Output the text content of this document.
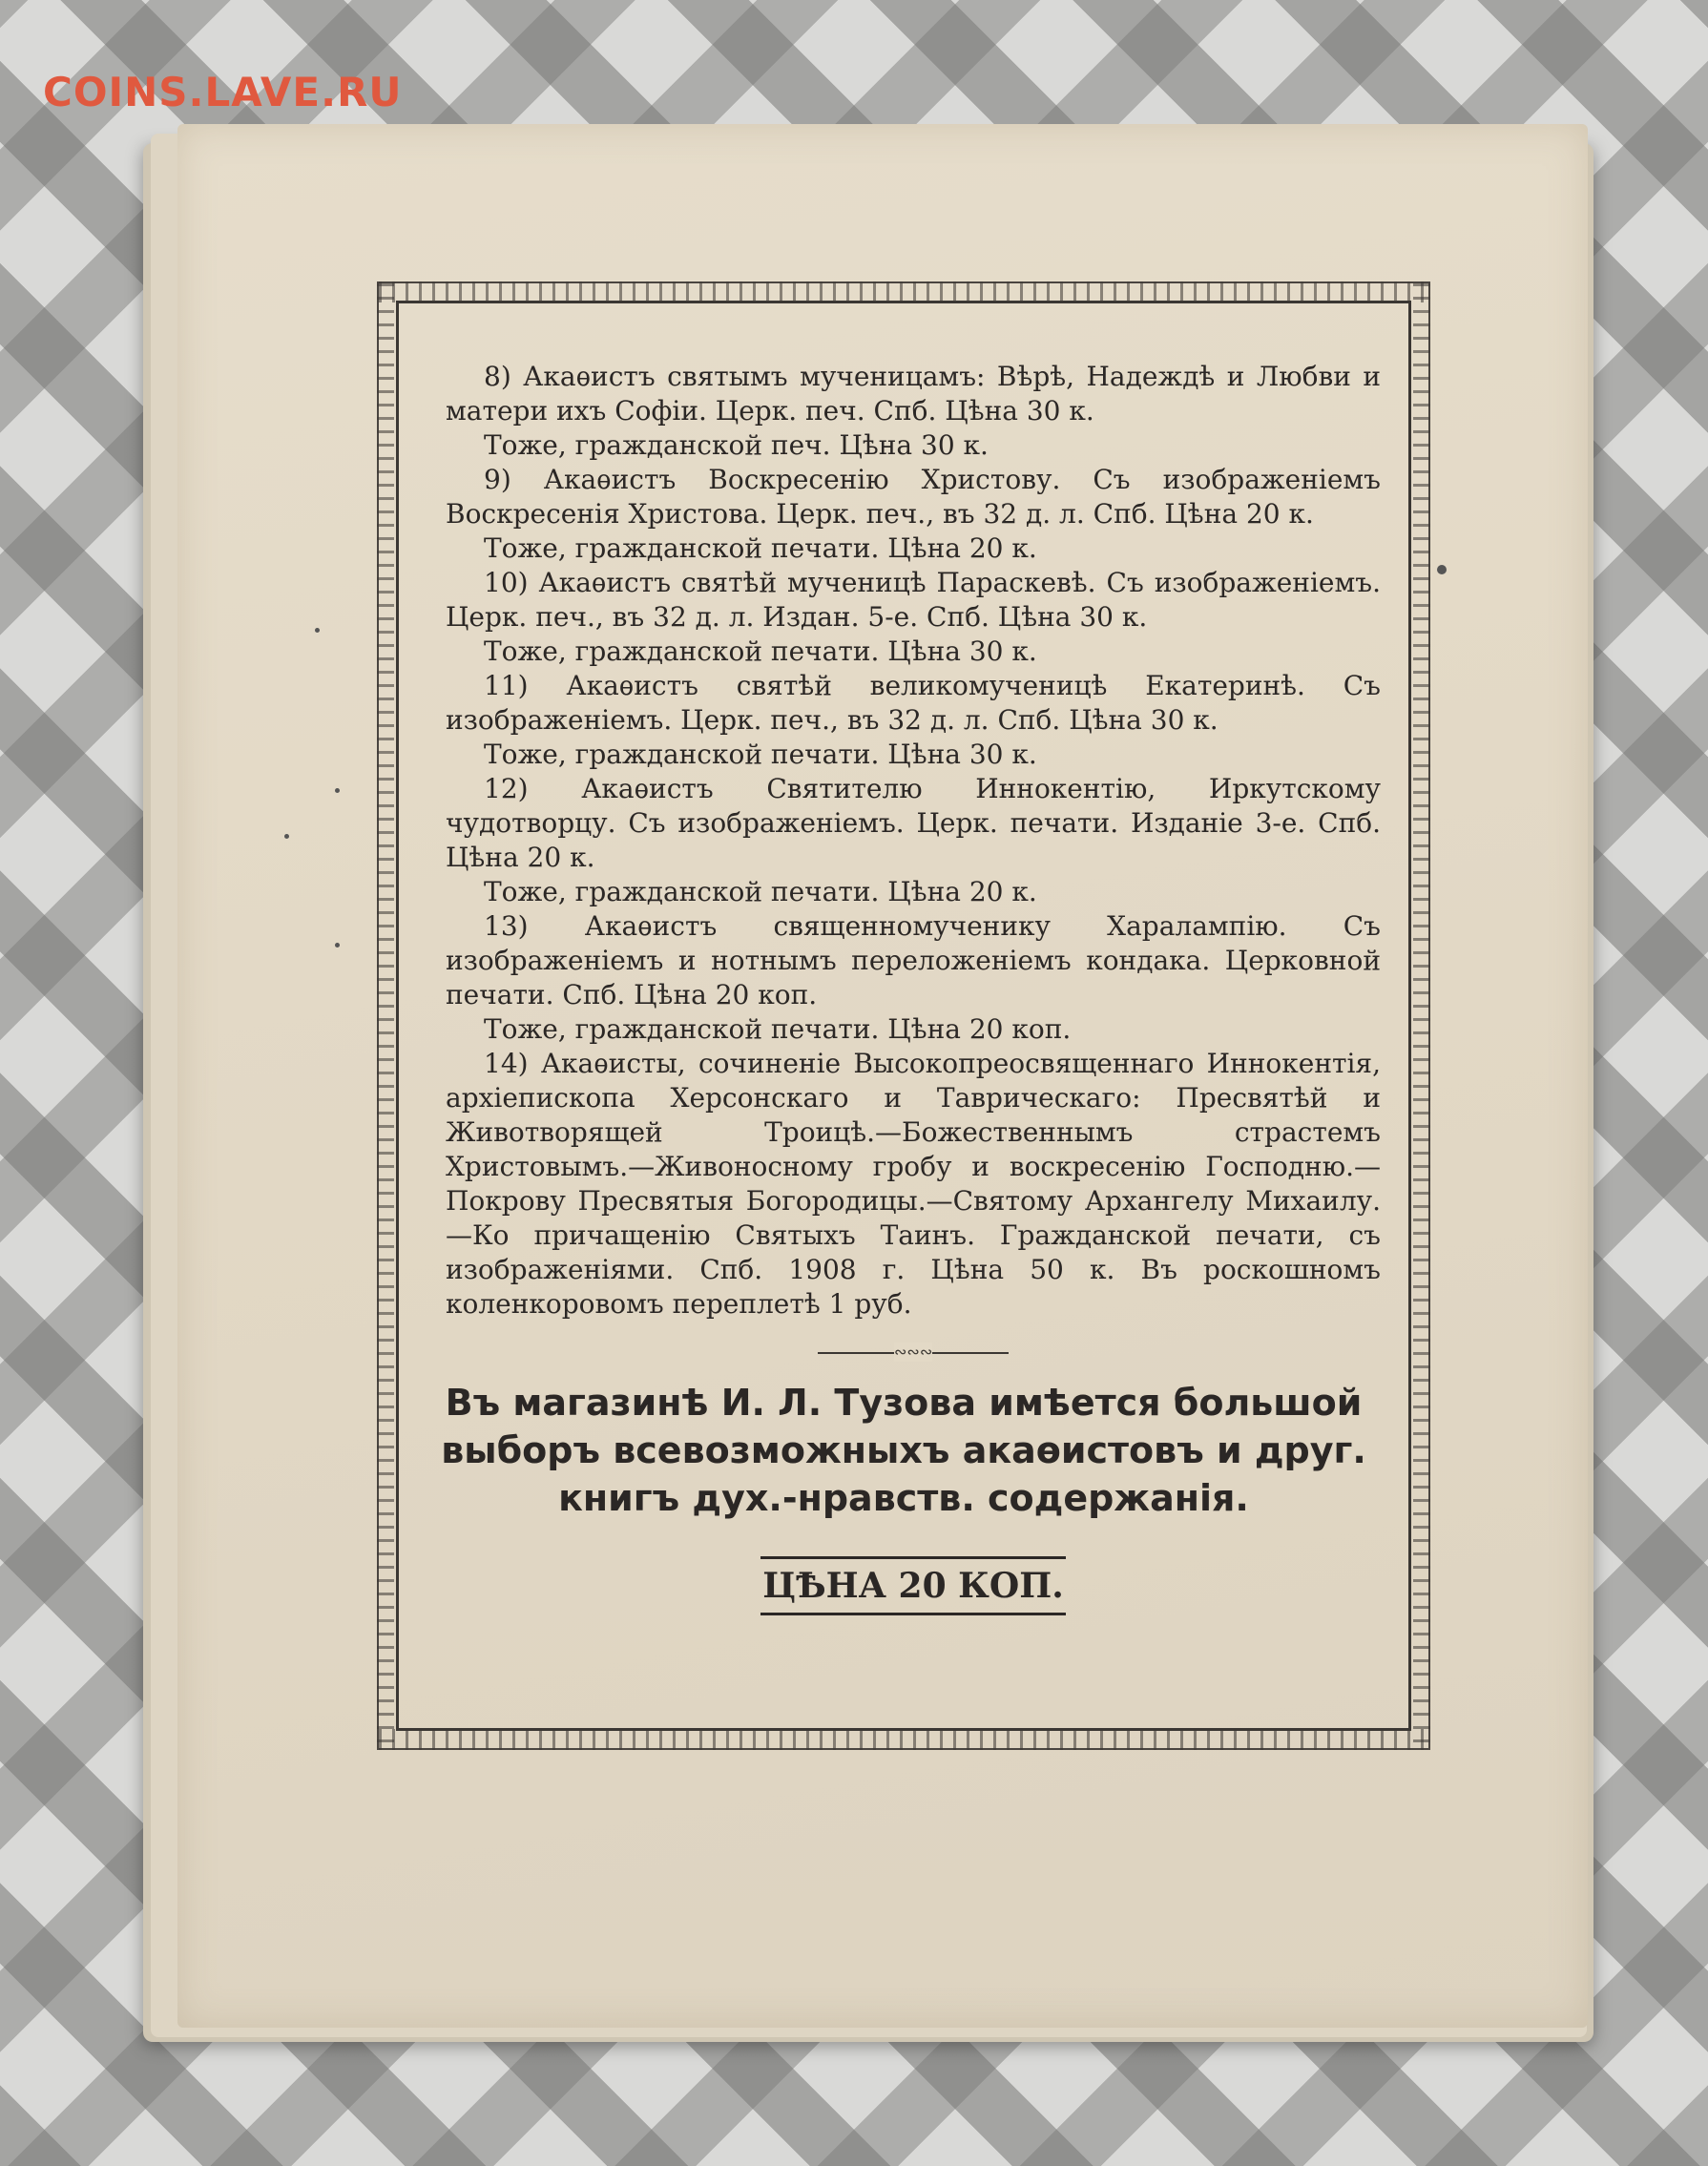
COINS.LAVE.RU

8) Акаѳистъ святымъ мученицамъ: Вѣрѣ, Надеждѣ и Любви и матери ихъ Софiи. Церк. печ. Спб. Цѣна 30 к.

Тоже, гражданской печ. Цѣна 30 к.

9) Акаѳистъ Воскресенiю Христову. Съ изображенiемъ Воскресенiя Христова. Церк. печ., въ 32 д. л. Спб. Цѣна 20 к.

Тоже, гражданской печати. Цѣна 20 к.

10) Акаѳистъ святѣй мученицѣ Параскевѣ. Съ изображенiемъ. Церк. печ., въ 32 д. л. Издан. 5-е. Спб. Цѣна 30 к.

Тоже, гражданской печати. Цѣна 30 к.

11) Акаѳистъ святѣй великомученицѣ Екатеринѣ. Съ изображенiемъ. Церк. печ., въ 32 д. л. Спб. Цѣна 30 к.

Тоже, гражданской печати. Цѣна 30 к.

12) Акаѳистъ Святителю Иннокентiю, Иркутскому чудотворцу. Съ изображенiемъ. Церк. печати. Изданiе 3-е. Спб. Цѣна 20 к.

Тоже, гражданской печати. Цѣна 20 к.

13) Акаѳистъ священномученику Харалампiю. Съ изображенiемъ и нотнымъ переложенiемъ кондака. Церковной печати. Спб. Цѣна 20 коп.

Тоже, гражданской печати. Цѣна 20 коп.

14) Акаѳисты, сочиненiе Высокопреосвященнаго Иннокентiя, архiепископа Херсонскаго и Таврическаго: Пресвятѣй и Животворящей Троицѣ.—Божественнымъ страстемъ Христовымъ.—Живоносному гробу и воскресенiю Господню.—Покрову Пресвятыя Богородицы.—Святому Архангелу Михаилу.—Ко причащенiю Святыхъ Таинъ. Гражданской печати, съ изображенiями. Спб. 1908 г. Цѣна 50 к. Въ роскошномъ коленкоровомъ переплетѣ 1 руб.

∾∾∾

Въ магазинѣ И. Л. Тузова имѣется большой выборъ всевозможныхъ акаѳистовъ и друг. книгъ дух.-нравств. содержанiя.

ЦѢНА 20 КОП.
